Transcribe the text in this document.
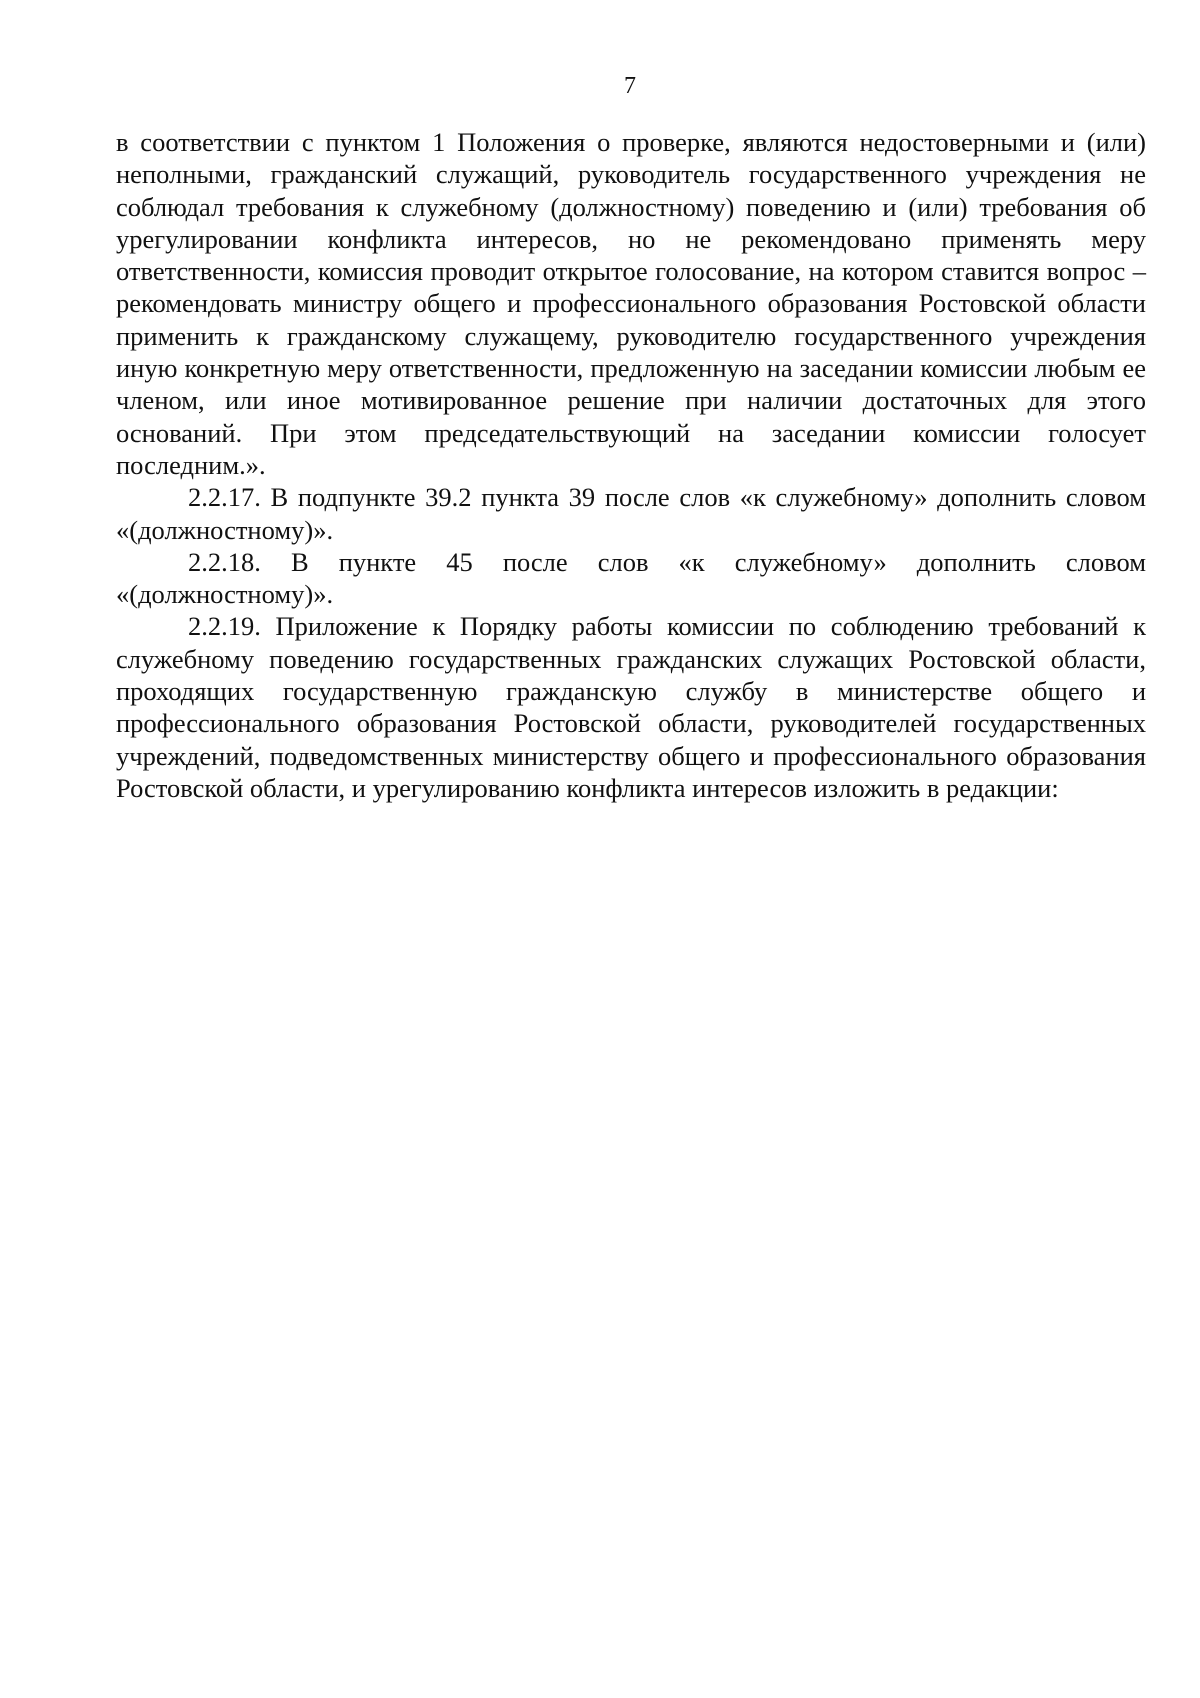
7

в соответствии с пунктом 1 Положения о проверке, являются недостоверными и (или) неполными, гражданский служащий, руководитель государственного учреждения не соблюдал требования к служебному (должностному) поведению и (или) требования об урегулировании конфликта интересов, но не рекомендовано применять меру ответственности, комиссия проводит открытое голосование, на котором ставится вопрос – рекомендовать министру общего и профессионального образования Ростовской области применить к гражданскому служащему, руководителю государственного учреждения иную конкретную меру ответственности, предложенную на заседании комиссии любым ее членом, или иное мотивированное решение при наличии достаточных для этого оснований. При этом председательствующий на заседании комиссии голосует последним.».

2.2.17. В подпункте 39.2 пункта 39 после слов «к служебному» дополнить словом «(должностному)».

2.2.18. В пункте 45 после слов «к служебному» дополнить словом «(должностному)».

2.2.19. Приложение к Порядку работы комиссии по соблюдению требований к служебному поведению государственных гражданских служащих Ростовской области, проходящих государственную гражданскую службу в министерстве общего и профессионального образования Ростовской области, руководителей государственных учреждений, подведомственных министерству общего и профессионального образования Ростовской области, и урегулированию конфликта интересов изложить в редакции:
